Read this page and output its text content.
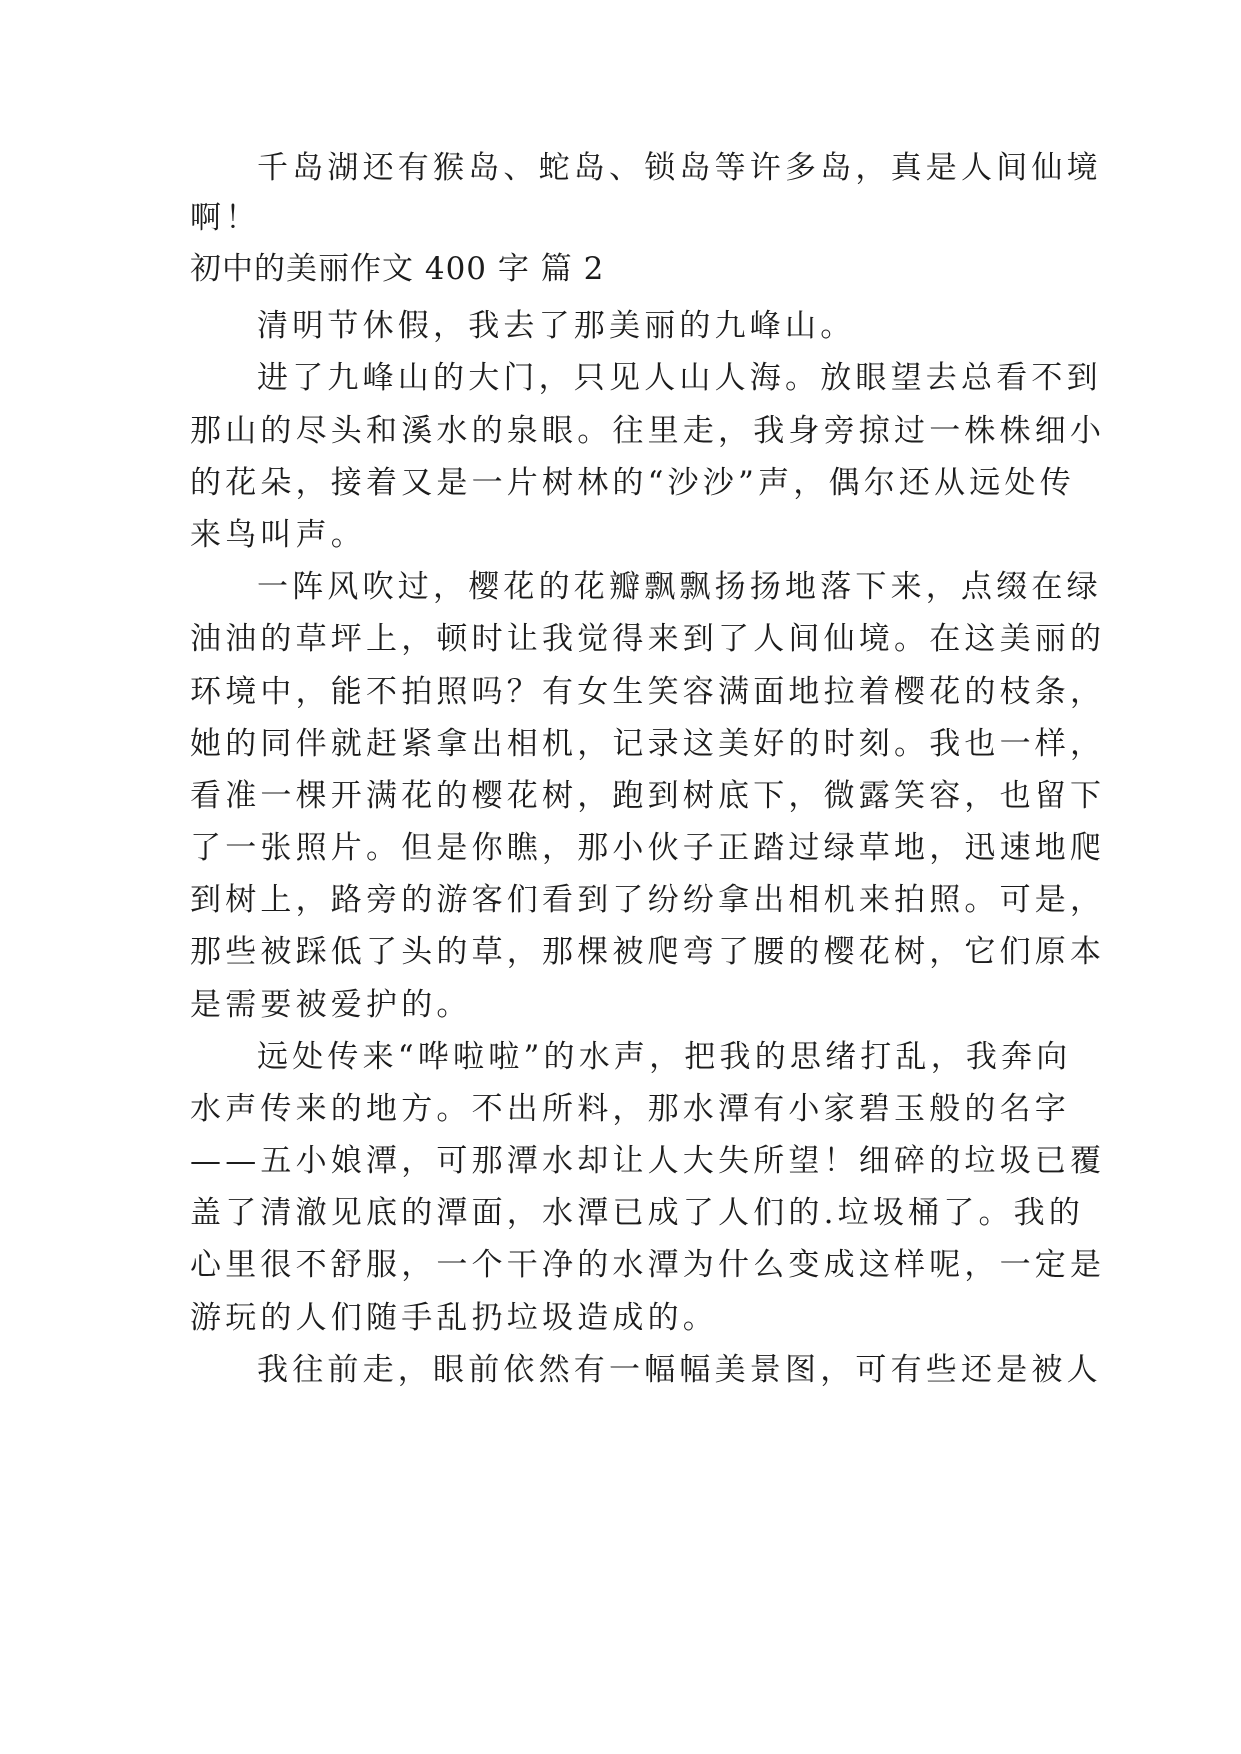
千岛湖还有猴岛、蛇岛、锁岛等许多岛，真是人间仙境
啊！
初中的美丽作文 400 字 篇 2
清明节休假，我去了那美丽的九峰山。
进了九峰山的大门，只见人山人海。放眼望去总看不到
那山的尽头和溪水的泉眼。往里走，我身旁掠过一株株细小
的花朵，接着又是一片树林的“沙沙”声，偶尔还从远处传
来鸟叫声。
一阵风吹过，樱花的花瓣飘飘扬扬地落下来，点缀在绿
油油的草坪上，顿时让我觉得来到了人间仙境。在这美丽的
环境中，能不拍照吗？有女生笑容满面地拉着樱花的枝条，
她的同伴就赶紧拿出相机，记录这美好的时刻。我也一样，
看准一棵开满花的樱花树，跑到树底下，微露笑容，也留下
了一张照片。但是你瞧，那小伙子正踏过绿草地，迅速地爬
到树上，路旁的游客们看到了纷纷拿出相机来拍照。可是，
那些被踩低了头的草，那棵被爬弯了腰的樱花树，它们原本
是需要被爱护的。
远处传来“哗啦啦”的水声，把我的思绪打乱，我奔向
水声传来的地方。不出所料，那水潭有小家碧玉般的名字
——五小娘潭，可那潭水却让人大失所望！细碎的垃圾已覆
盖了清澈见底的潭面，水潭已成了人们的.垃圾桶了。我的
心里很不舒服，一个干净的水潭为什么变成这样呢，一定是
游玩的人们随手乱扔垃圾造成的。
我往前走，眼前依然有一幅幅美景图，可有些还是被人
